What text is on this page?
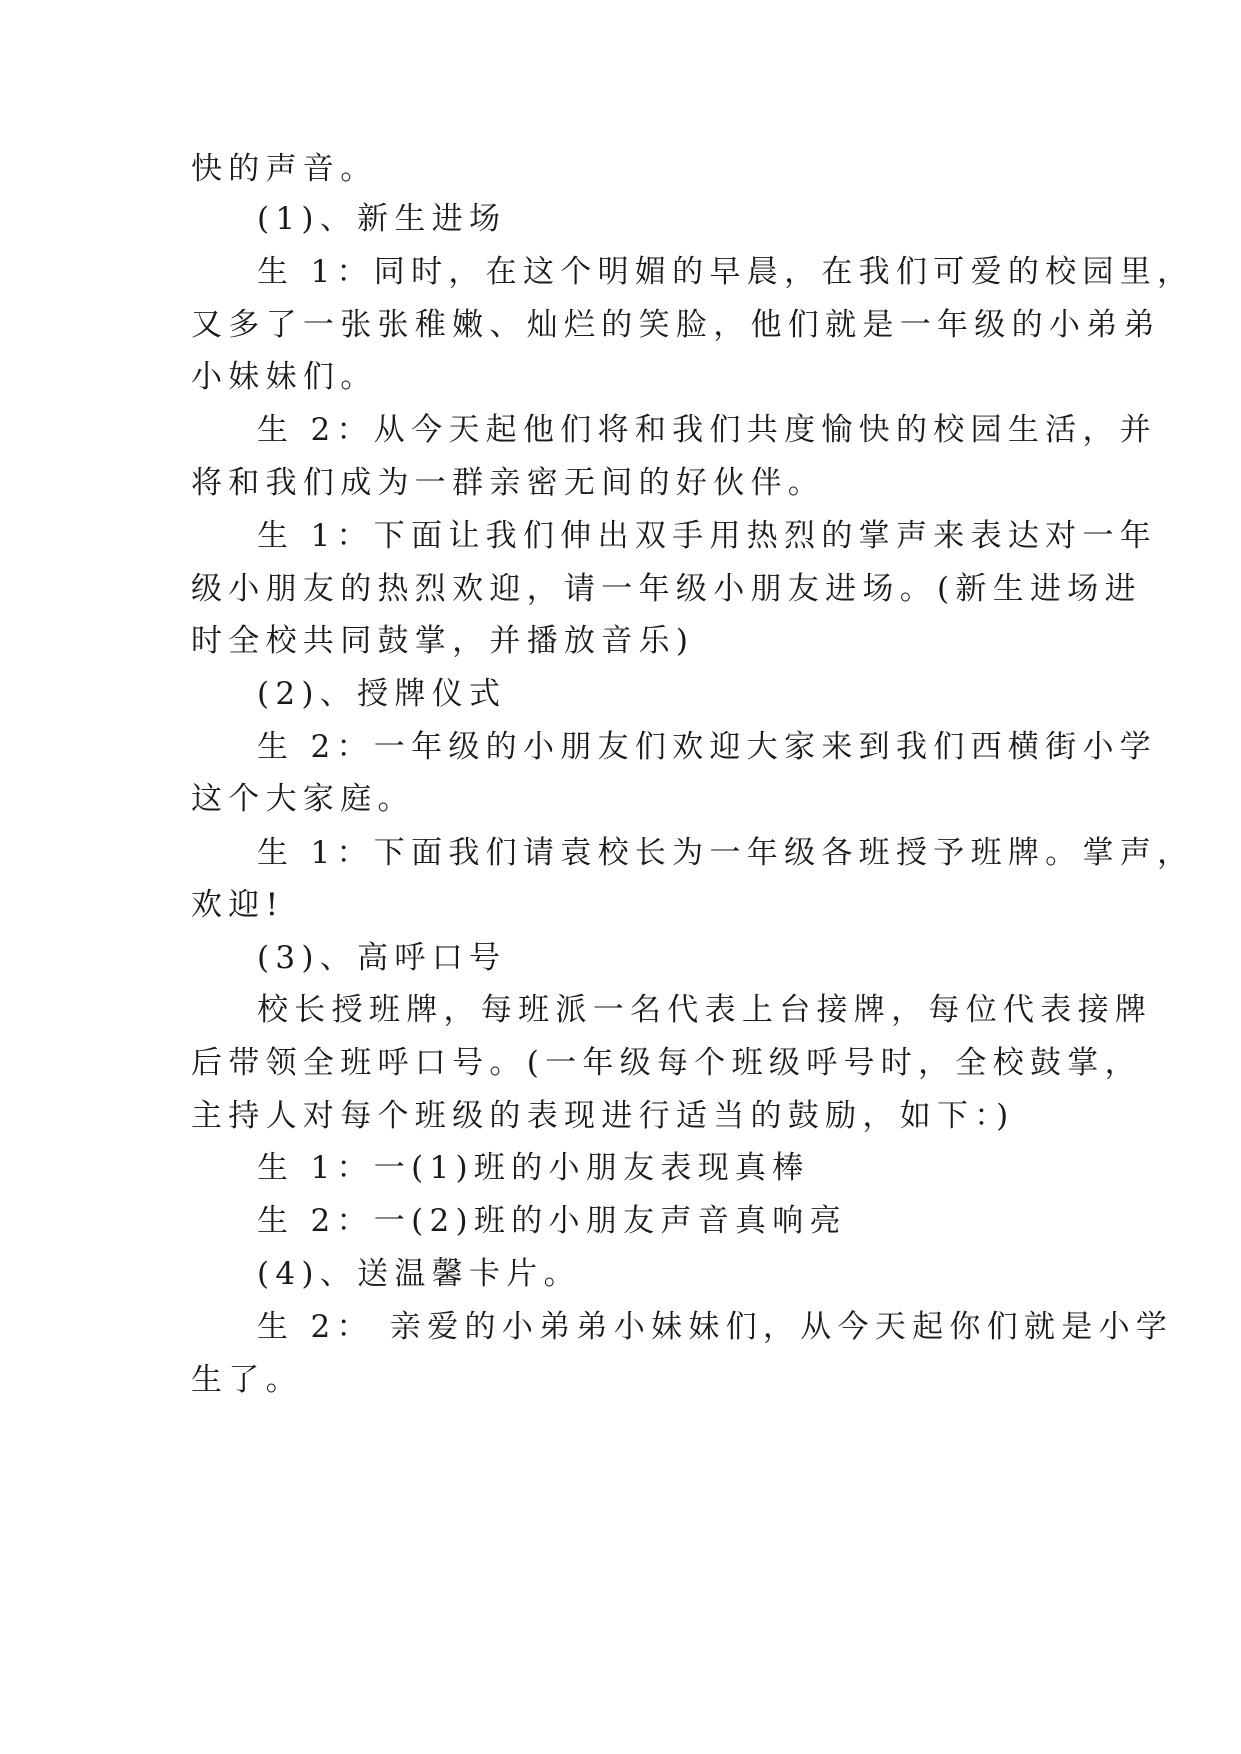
快的声音。
(1)、新生进场
生 1：同时，在这个明媚的早晨，在我们可爱的校园里，
又多了一张张稚嫩、灿烂的笑脸，他们就是一年级的小弟弟
小妹妹们。
生 2：从今天起他们将和我们共度愉快的校园生活，并
将和我们成为一群亲密无间的好伙伴。
生 1：下面让我们伸出双手用热烈的掌声来表达对一年
级小朋友的热烈欢迎，请一年级小朋友进场。(新生进场进
时全校共同鼓掌，并播放音乐)
(2)、授牌仪式
生 2：一年级的小朋友们欢迎大家来到我们西横街小学
这个大家庭。
生 1：下面我们请袁校长为一年级各班授予班牌。掌声，
欢迎!
(3)、高呼口号
校长授班牌，每班派一名代表上台接牌，每位代表接牌
后带领全班呼口号。(一年级每个班级呼号时，全校鼓掌，
主持人对每个班级的表现进行适当的鼓励，如下：)
生 1：一(1)班的小朋友表现真棒
生 2：一(2)班的小朋友声音真响亮
(4)、送温馨卡片。
生 2： 亲爱的小弟弟小妹妹们，从今天起你们就是小学
生了。
